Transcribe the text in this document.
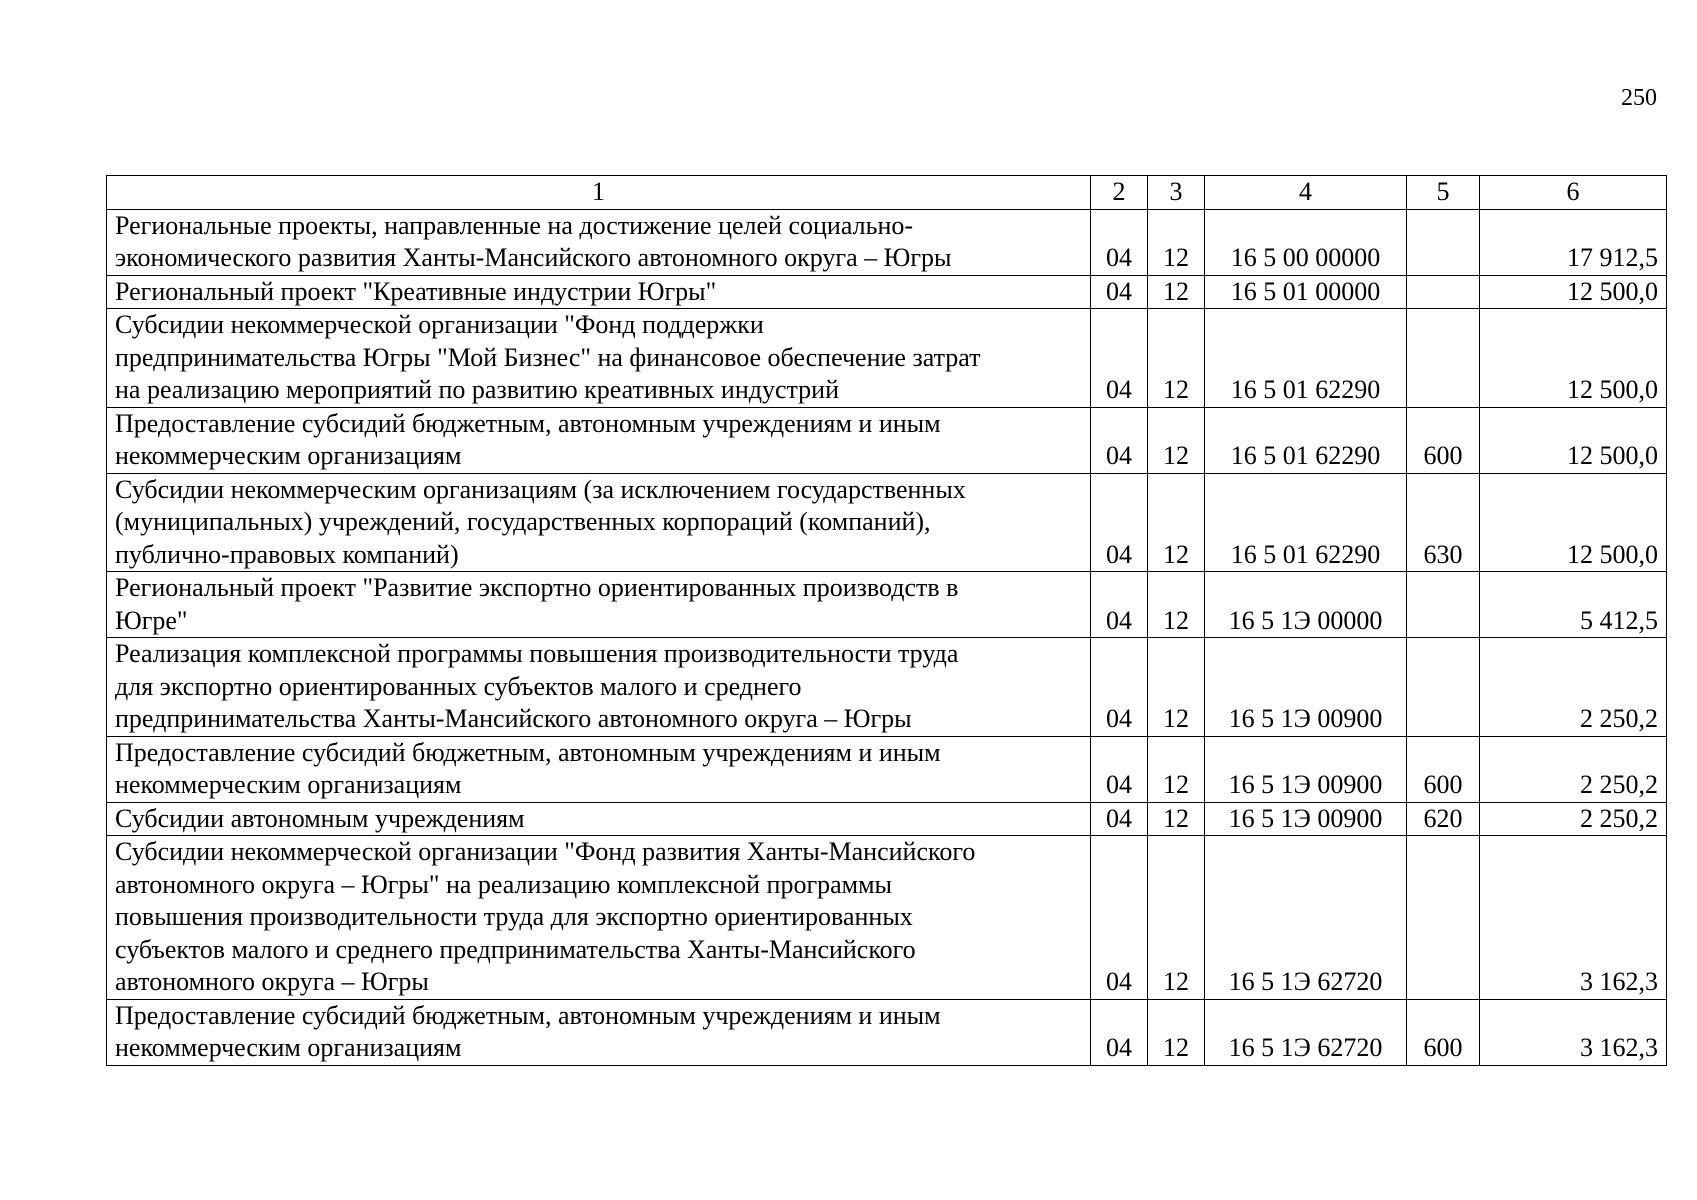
250
1	2	3	4	5	6

Региональные проекты, направленные на достижение целей социально-
экономического развития Ханты-Мансийского автономного округа – Югры	04	12	16 5 00 00000		17 912,5

Региональный проект "Креативные индустрии Югры"	04	12	16 5 01 00000		12 500,0

Субсидии некоммерческой организации "Фонд поддержки
предпринимательства Югры "Мой Бизнес" на финансовое обеспечение затрат
на реализацию мероприятий по развитию креативных индустрий	04	12	16 5 01 62290		12 500,0

Предоставление субсидий бюджетным, автономным учреждениям и иным
некоммерческим организациям	04	12	16 5 01 62290	600	12 500,0

Субсидии некоммерческим организациям (за исключением государственных
(муниципальных) учреждений, государственных корпораций (компаний),
публично-правовых компаний)	04	12	16 5 01 62290	630	12 500,0

Региональный проект "Развитие экспортно ориентированных производств в
Югре"	04	12	16 5 1Э 00000		5 412,5

Реализация комплексной программы повышения производительности труда
для экспортно ориентированных субъектов малого и среднего
предпринимательства Ханты-Мансийского автономного округа – Югры	04	12	16 5 1Э 00900		2 250,2

Предоставление субсидий бюджетным, автономным учреждениям и иным
некоммерческим организациям	04	12	16 5 1Э 00900	600	2 250,2

Субсидии автономным учреждениям	04	12	16 5 1Э 00900	620	2 250,2

Субсидии некоммерческой организации "Фонд развития Ханты-Мансийского
автономного округа – Югры" на реализацию комплексной программы
повышения производительности труда для экспортно ориентированных
субъектов малого и среднего предпринимательства Ханты-Мансийского
автономного округа – Югры	04	12	16 5 1Э 62720		3 162,3

Предоставление субсидий бюджетным, автономным учреждениям и иным
некоммерческим организациям	04	12	16 5 1Э 62720	600	3 162,3
